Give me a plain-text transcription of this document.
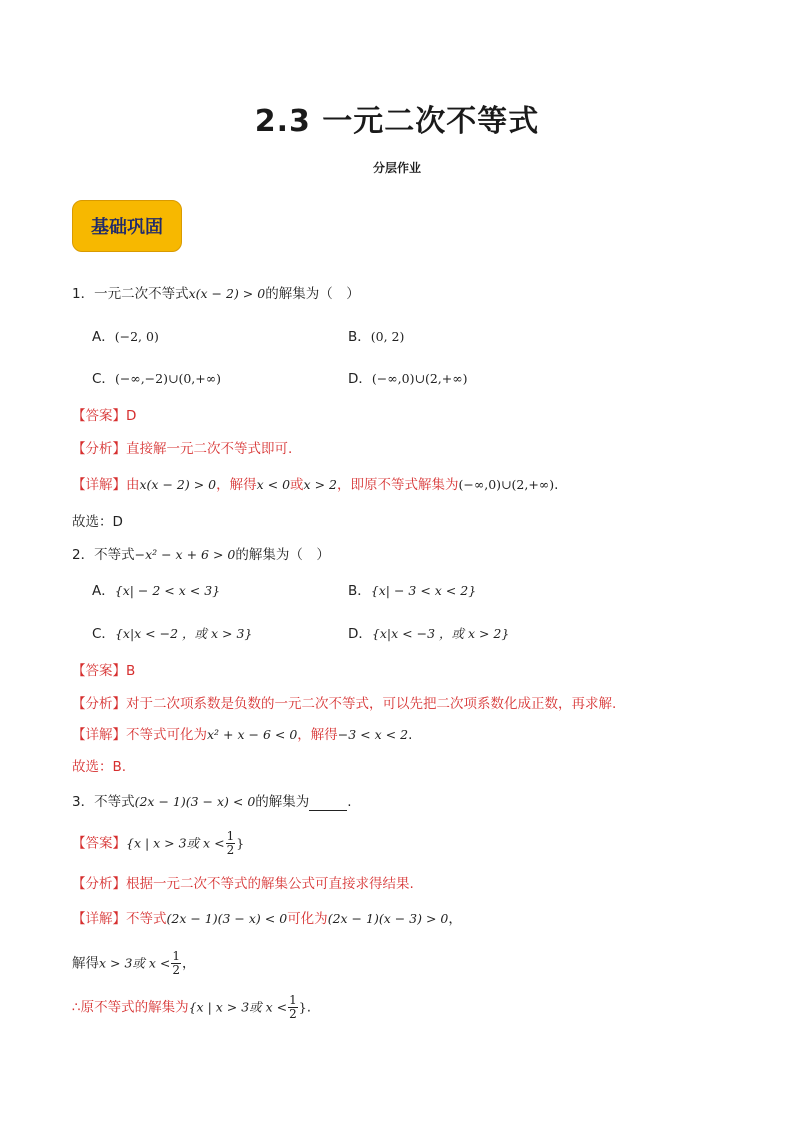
2.3 一元二次不等式
分层作业
基础巩固
1．一元二次不等式x(x − 2) > 0的解集为（　）
A．(−2, 0)	B．(0, 2)
C．(−∞,−2)∪(0,+∞)	D．(−∞,0)∪(2,+∞)
【答案】D
【分析】直接解一元二次不等式即可.
【详解】由x(x − 2) > 0，解得x < 0或x > 2，即原不等式解集为(−∞,0)∪(2,+∞).
故选：D
2．不等式−x² − x + 6 > 0的解集为（　）
A．{x| − 2 < x < 3}	B．{x| − 3 < x < 2}
C．{x|x < −2 ，或 x > 3}	D．{x|x < −3 ，或 x > 2}
【答案】B
【分析】对于二次项系数是负数的一元二次不等式，可以先把二次项系数化成正数，再求解.
【详解】不等式可化为x² + x − 6 < 0，解得−3 < x < 2.
故选：B.
3．不等式(2x − 1)(3 − x) < 0的解集为	.
【答案】{x | x > 3或 $x < \frac{1}{2}$ }
【分析】根据一元二次不等式的解集公式可直接求得结果.
【详解】不等式(2x − 1)(3 − x) < 0可化为(2x − 1)(x − 3) > 0，
解得x > 3或 $x < \frac{1}{2}$ ，
∴原不等式的解集为{x | x > 3或 $x < \frac{1}{2}$ }.
